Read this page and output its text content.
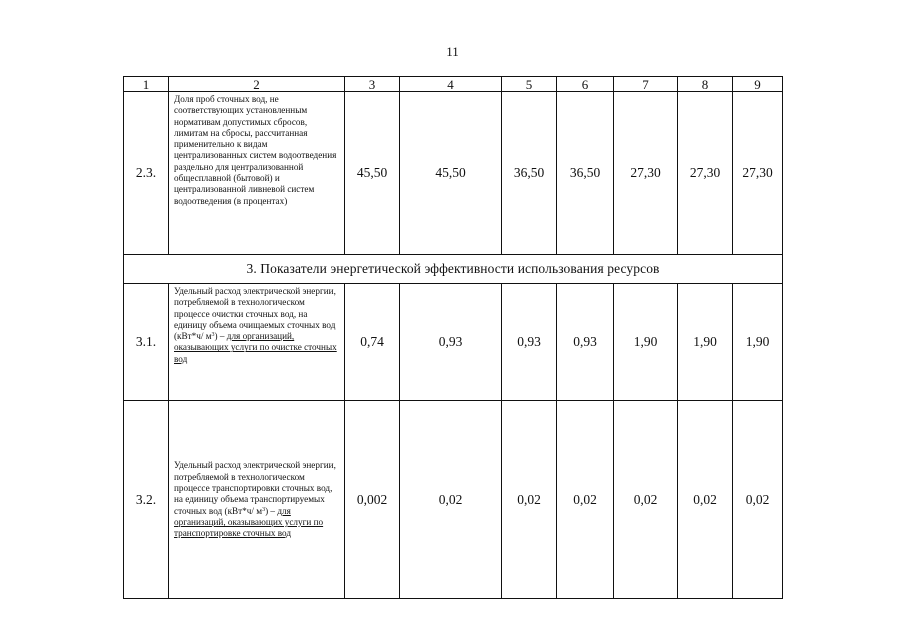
11
1	2	3	4	5	6	7	8	9
2.3.	Доля проб сточных вод, не соответствующих установленным нормативам допустимых сбросов, лимитам на сбросы, рассчитанная применительно к видам централизованных систем водоотведения раздельно для централизованной общесплавной (бытовой) и централизованной ливневой систем водоотведения (в процентах)	45,50	45,50	36,50	36,50	27,30	27,30	27,30
3. Показатели энергетической эффективности использования ресурсов								
3.1.	Удельный расход электрической энергии, потребляемой в технологическом процессе очистки сточных вод, на единицу объема очищаемых сточных вод (кВт*ч/ $м^3$) – для организаций, оказывающих услуги по очистке сточных вод	0,74	0,93	0,93	0,93	1,90	1,90	1,90
3.2.	Удельный расход электрической энергии, потребляемой в технологическом процессе транспортировки сточных вод, на единицу объема транспортируемых сточных вод (кВт*ч/ $м^3$) – для организаций, оказывающих услуги по транспортировке сточных вод	0,002	0,02	0,02	0,02	0,02	0,02	0,02
